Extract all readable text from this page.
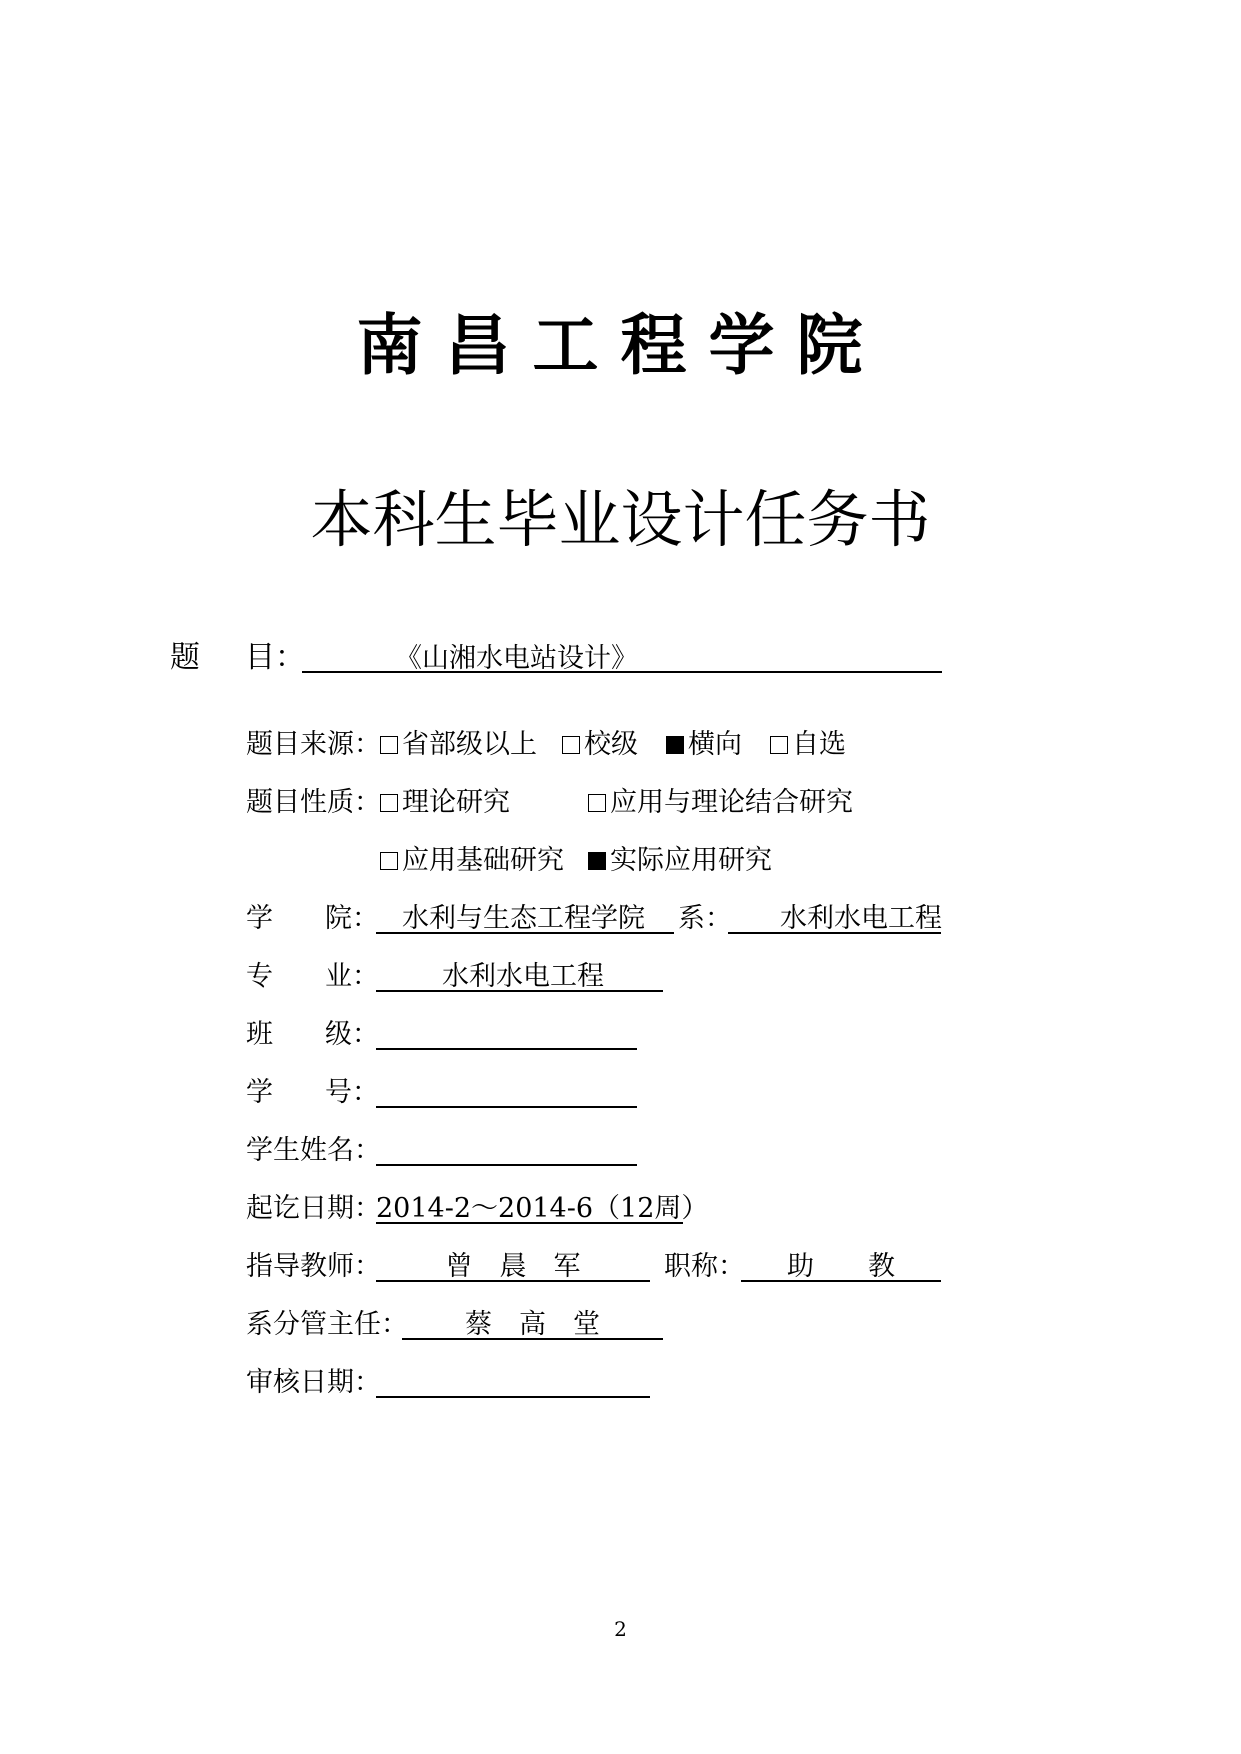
南昌工程学院
本科生毕业设计任务书
题 目：	《山湘水电站设计》
题目来源： 省部级以上	校级	横向	自选
题目性质： 理论研究	应用与理论结合研究
应用基础研究	实际应用研究
学 院： 水利与生态工程学院 系： 水利水电工程
专 业： 水利水电工程
班 级：
学 号：
学生姓名：
起讫日期：
2014-2～2014-6（12周）
指导教师：	曾　晨　军	职称：	助　　教
系分管主任：	蔡　高　堂
审核日期：
2
